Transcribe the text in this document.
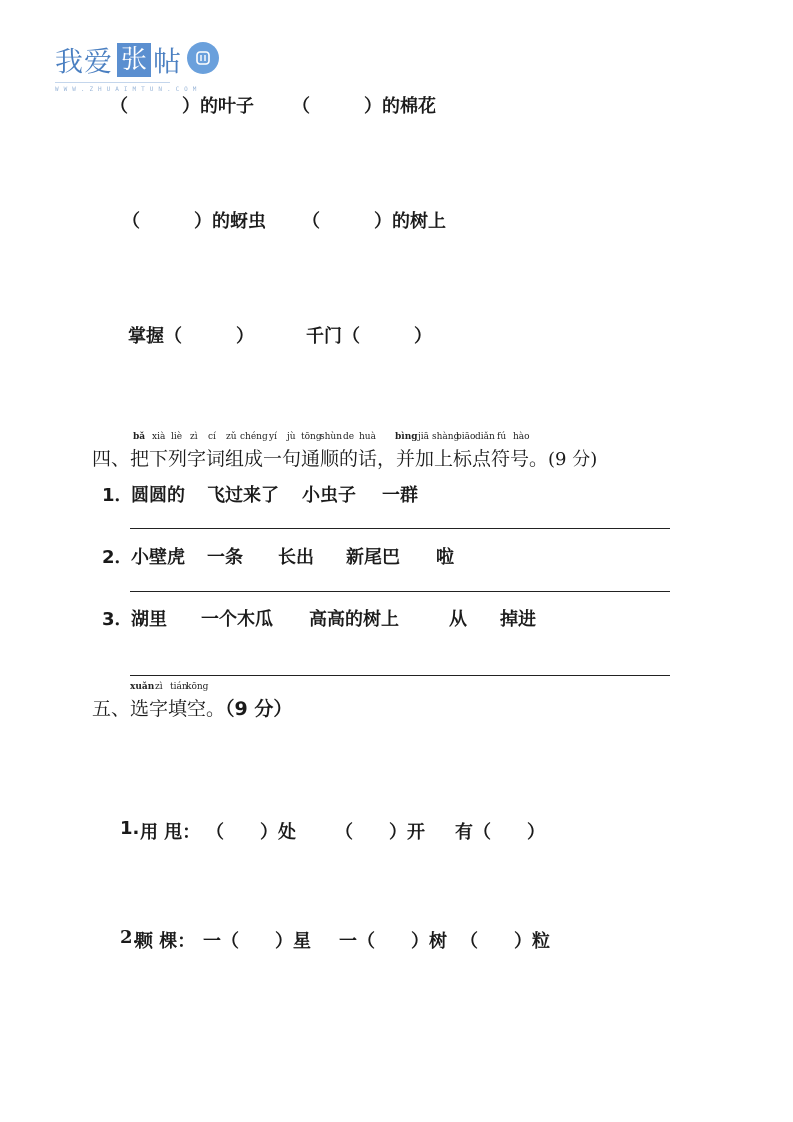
我爱 张 帖
WWW.ZHUAIMTUN.COM
（　　　）的叶子 （　　　）的棉花
（　　　）的蚜虫 （　　　）的树上
掌握（　　　）	千门（　　　）
bǎ xià liè zì cí zǔ chéng yí jù tōng
shùn de huà bìng jiā shàng
biāo diǎn fú hào
四、把下列字词组成一句通顺的话，并加上标点符号。(9 分)
1．
圆圆的 飞过来了 小虫子 一群
2．
小壁虎 一条 长出 新尾巴 啦
3．
湖里 一个木瓜 高高的树上	从 掉进
xuǎn zì tián
kōng
五、选字填空。（9 分）
1. 用 甩： （　　）处 （　　）开 有（　　）
2.
颗 棵： 一（　　）星 一（　　）树 （　　）粒
